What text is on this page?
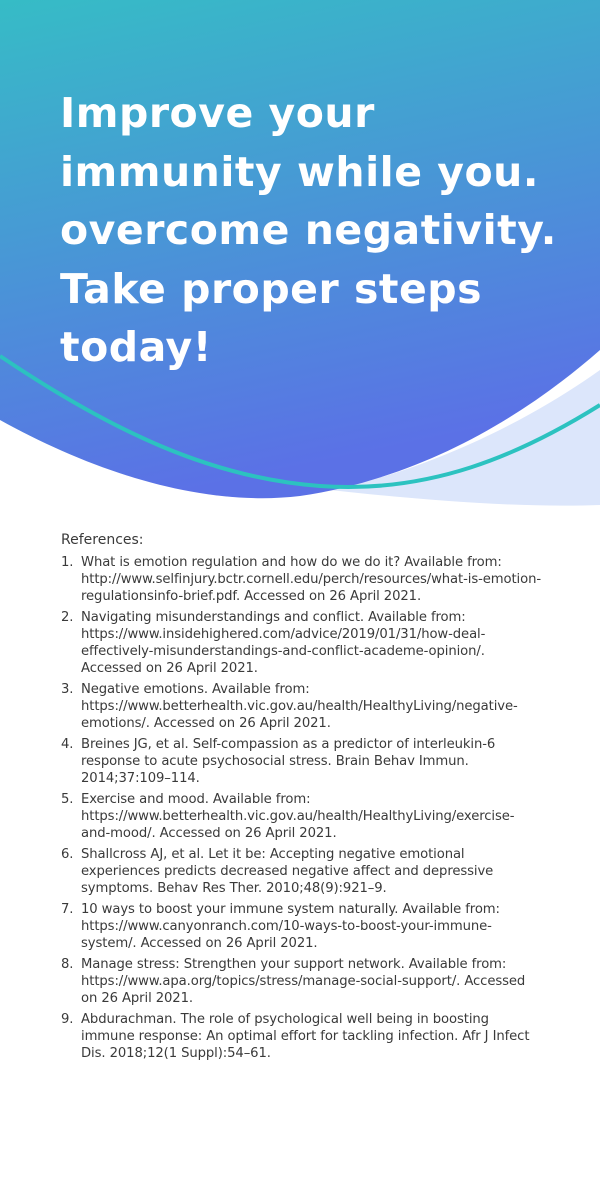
Improve your
immunity while you.
overcome negativity.
Take proper steps
today!

References:

1. What is emotion regulation and how do we do it? Available from: http://www.selfinjury.bctr.cornell.edu/perch/resources/what-is-emotion-regulationsinfo-brief.pdf. Accessed on 26 April 2021.
2. Navigating misunderstandings and conflict. Available from: https://www.insidehighered.com/advice/2019/01/31/how-deal-effectively-misunderstandings-and-conflict-academe-opinion/. Accessed on 26 April 2021.
3. Negative emotions. Available from: https://www.betterhealth.vic.gov.au/health/HealthyLiving/negative-emotions/. Accessed on 26 April 2021.
4. Breines JG, et al. Self-compassion as a predictor of interleukin-6 response to acute psychosocial stress. Brain Behav Immun. 2014;37:109–114.
5. Exercise and mood. Available from: https://www.betterhealth.vic.gov.au/health/HealthyLiving/exercise-and-mood/. Accessed on 26 April 2021.
6. Shallcross AJ, et al. Let it be: Accepting negative emotional experiences predicts decreased negative affect and depressive symptoms. Behav Res Ther. 2010;48(9):921–9.
7. 10 ways to boost your immune system naturally. Available from: https://www.canyonranch.com/10-ways-to-boost-your-immune-system/. Accessed on 26 April 2021.
8. Manage stress: Strengthen your support network. Available from: https://www.apa.org/topics/stress/manage-social-support/. Accessed on 26 April 2021.
9. Abdurachman. The role of psychological well being in boosting immune response: An optimal effort for tackling infection. Afr J Infect Dis. 2018;12(1 Suppl):54–61.
